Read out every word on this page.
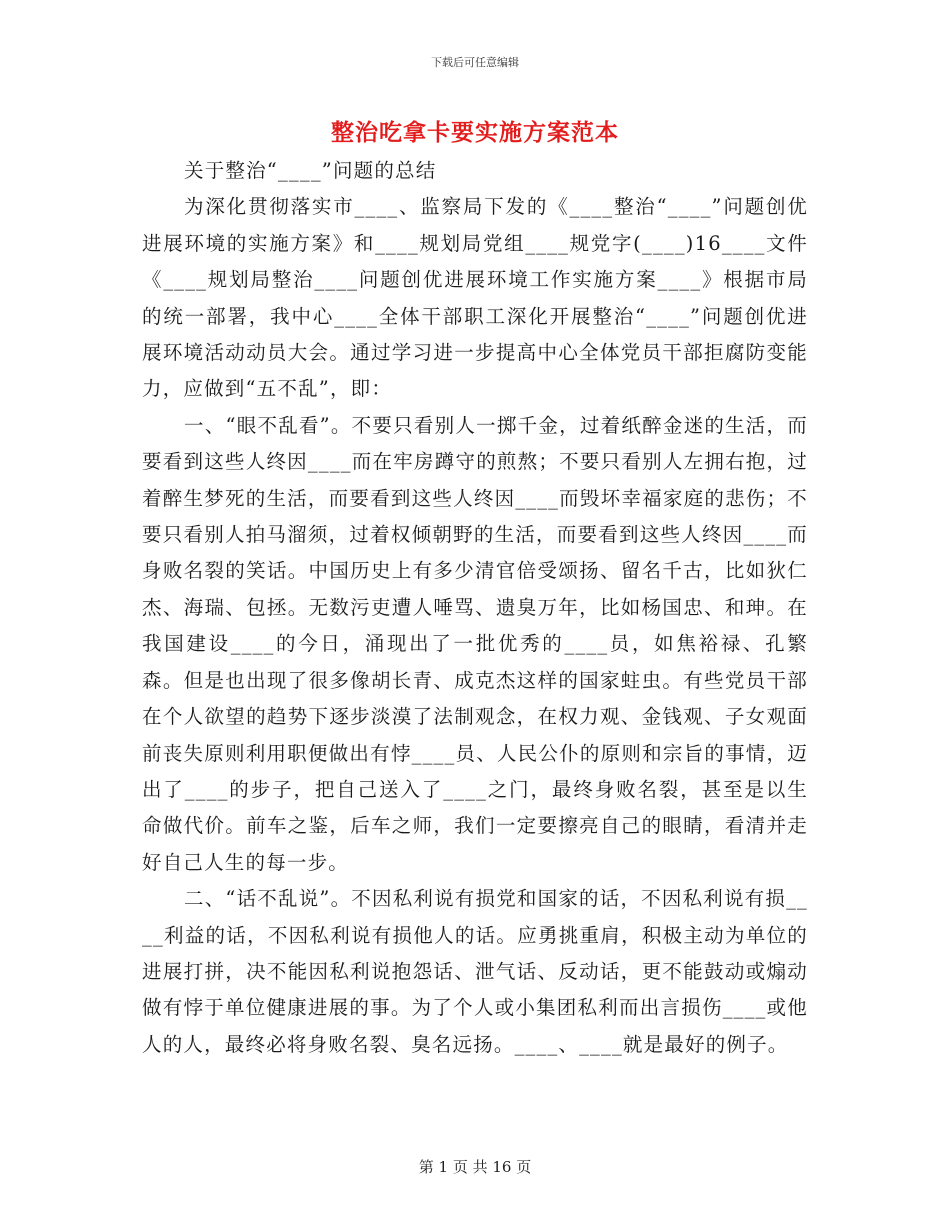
下载后可任意编辑
整治吃拿卡要实施方案范本

关于整治“____”问题的总结

为深化贯彻落实市____、监察局下发的《____整治“____”问题创优进展环境的实施方案》和____规划局党组____规党字(____)16____文件《____规划局整治____问题创优进展环境工作实施方案____》根据市局的统一部署，我中心____全体干部职工深化开展整治“____”问题创优进展环境活动动员大会。通过学习进一步提高中心全体党员干部拒腐防变能力，应做到“五不乱”，即：

一、“眼不乱看”。不要只看别人一掷千金，过着纸醉金迷的生活，而要看到这些人终因____而在牢房蹲守的煎熬；不要只看别人左拥右抱，过着醉生梦死的生活，而要看到这些人终因____而毁坏幸福家庭的悲伤；不要只看别人拍马溜须，过着权倾朝野的生活，而要看到这些人终因____而身败名裂的笑话。中国历史上有多少清官倍受颂扬、留名千古，比如狄仁杰、海瑞、包拯。无数污吏遭人唾骂、遗臭万年，比如杨国忠、和珅。在我国建设____的今日，涌现出了一批优秀的____员，如焦裕禄、孔繁森。但是也出现了很多像胡长青、成克杰这样的国家蛀虫。有些党员干部在个人欲望的趋势下逐步淡漠了法制观念，在权力观、金钱观、子女观面前丧失原则利用职便做出有悖____员、人民公仆的原则和宗旨的事情，迈出了____的步子，把自己送入了____之门，最终身败名裂，甚至是以生命做代价。前车之鉴，后车之师，我们一定要擦亮自己的眼睛，看清并走好自己人生的每一步。

二、“话不乱说”。不因私利说有损党和国家的话，不因私利说有损____利益的话，不因私利说有损他人的话。应勇挑重肩，积极主动为单位的进展打拼，决不能因私利说抱怨话、泄气话、反动话，更不能鼓动或煽动做有悖于单位健康进展的事。为了个人或小集团私利而出言损伤____或他人的人，最终必将身败名裂、臭名远扬。____、____就是最好的例子。

第 1 页 共 16 页
